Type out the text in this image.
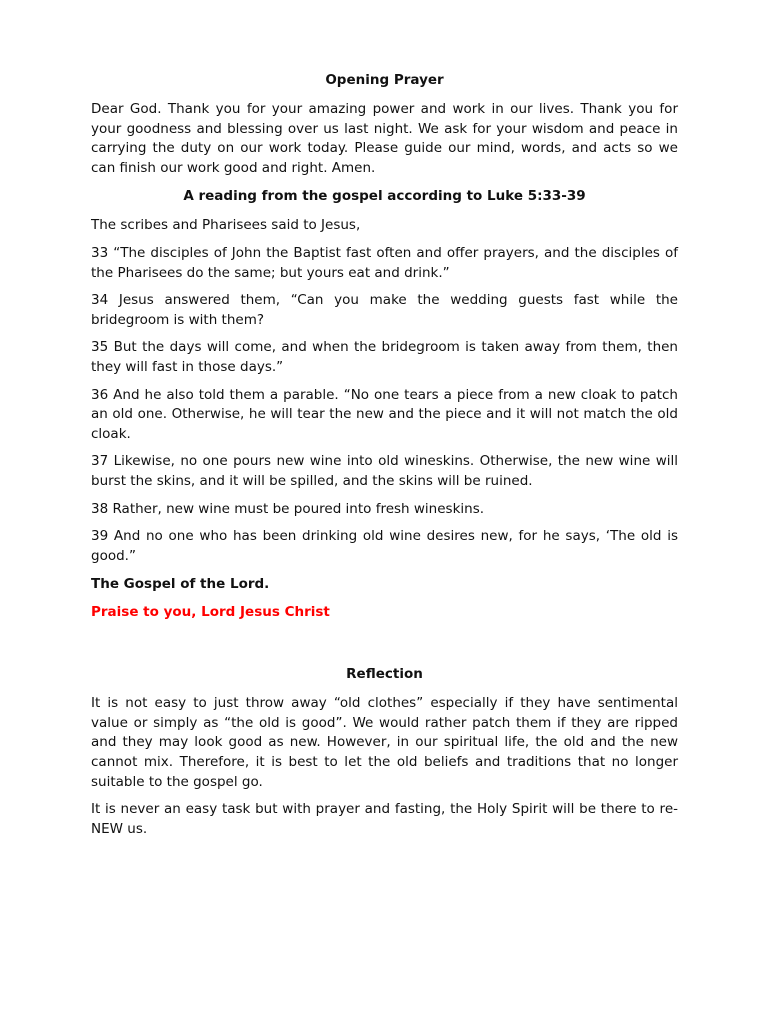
Opening Prayer

Dear God. Thank you for your amazing power and work in our lives. Thank you for your goodness and blessing over us last night. We ask for your wisdom and peace in carrying the duty on our work today. Please guide our mind, words, and acts so we can finish our work good and right. Amen.

A reading from the gospel according to Luke 5:33-39

The scribes and Pharisees said to Jesus,

33 “The disciples of John the Baptist fast often and offer prayers, and the disciples of the Pharisees do the same; but yours eat and drink.”

34 Jesus answered them, “Can you make the wedding guests fast while the bridegroom is with them?

35 But the days will come, and when the bridegroom is taken away from them, then they will fast in those days.”

36 And he also told them a parable. “No one tears a piece from a new cloak to patch an old one. Otherwise, he will tear the new and the piece and it will not match the old cloak.

37 Likewise, no one pours new wine into old wineskins. Otherwise, the new wine will burst the skins, and it will be spilled, and the skins will be ruined.

38 Rather, new wine must be poured into fresh wineskins.

39 And no one who has been drinking old wine desires new, for he says, ‘The old is good.”

The Gospel of the Lord.

Praise to you, Lord Jesus Christ

Reflection

It is not easy to just throw away “old clothes” especially if they have sentimental value or simply as “the old is good”. We would rather patch them if they are ripped and they may look good as new. However, in our spiritual life, the old and the new cannot mix. Therefore, it is best to let the old beliefs and traditions that no longer suitable to the gospel go.

It is never an easy task but with prayer and fasting, the Holy Spirit will be there to re-NEW us.
